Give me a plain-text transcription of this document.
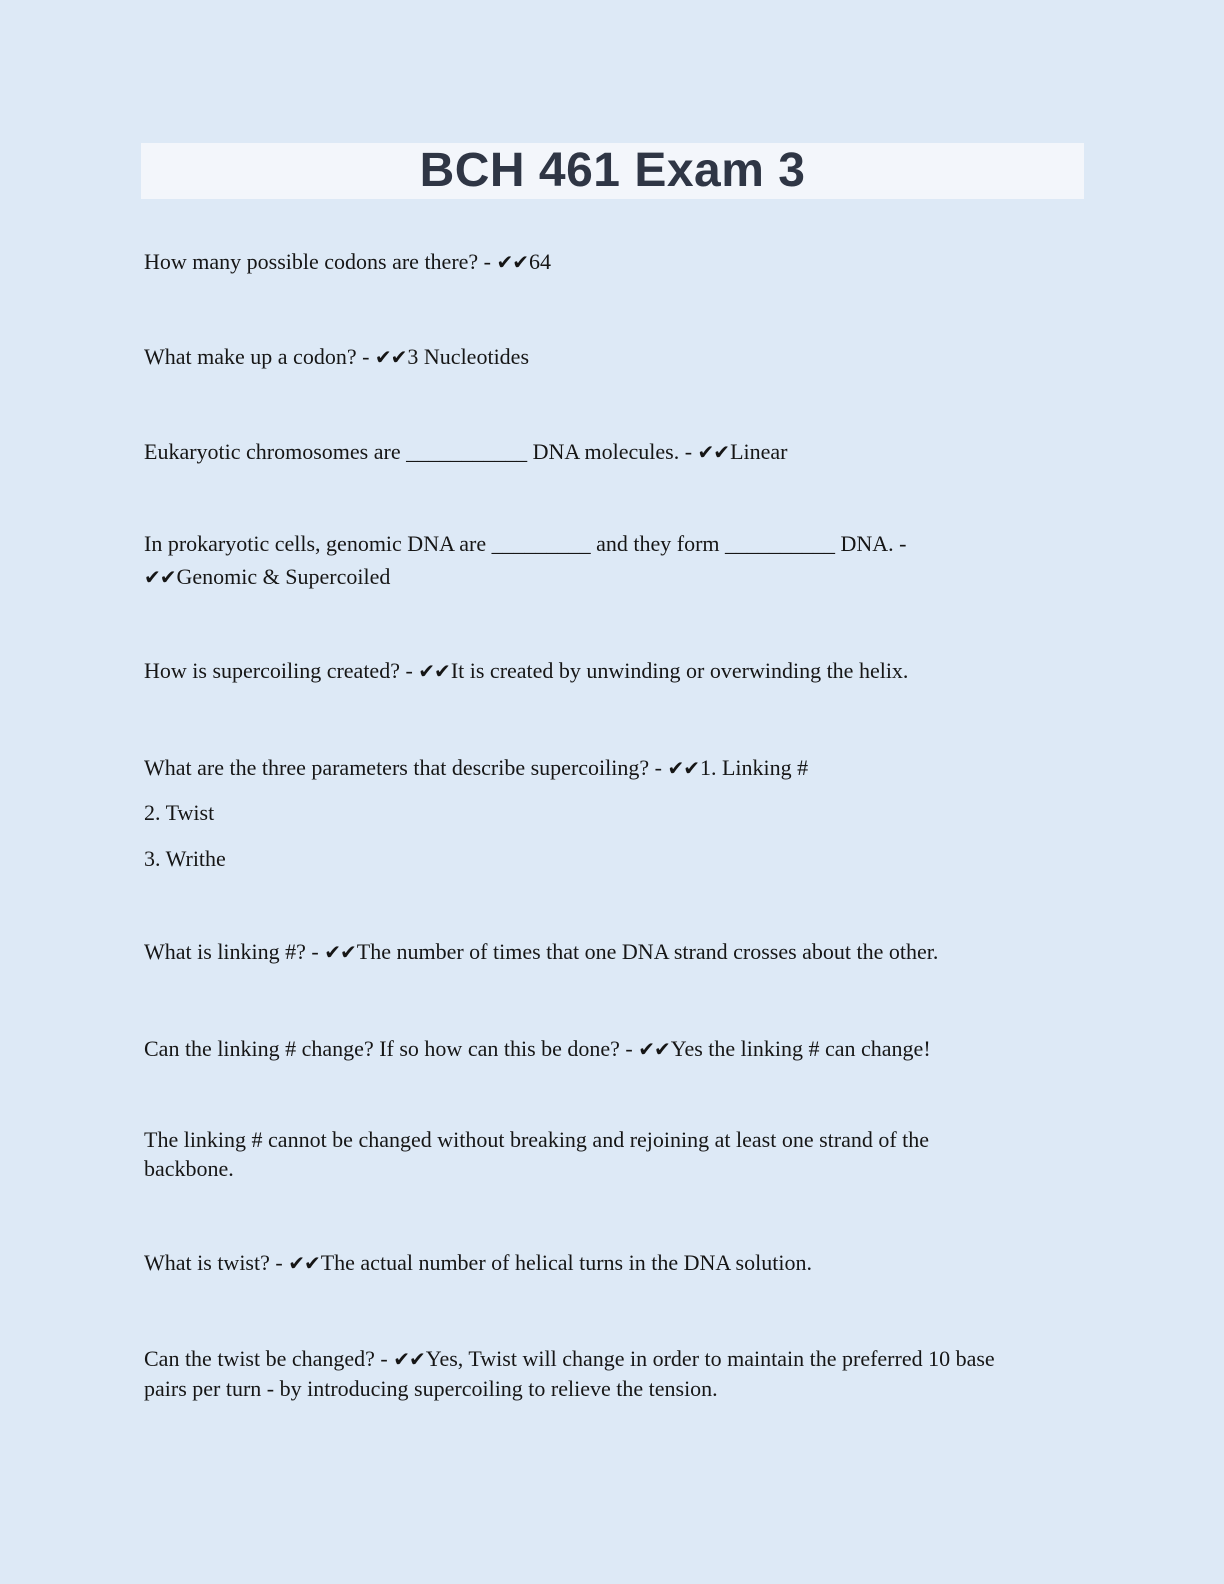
BCH 461 Exam 3
How many possible codons are there? - ✔✔64
What make up a codon? - ✔✔3 Nucleotides
Eukaryotic chromosomes are ___________ DNA molecules. - ✔✔Linear
In prokaryotic cells, genomic DNA are _________ and they form __________ DNA. -
✔✔Genomic & Supercoiled
How is supercoiling created? - ✔✔It is created by unwinding or overwinding the helix.
What are the three parameters that describe supercoiling? - ✔✔1. Linking #
2. Twist
3. Writhe
What is linking #? - ✔✔The number of times that one DNA strand crosses about the other.
Can the linking # change? If so how can this be done? - ✔✔Yes the linking # can change!
The linking # cannot be changed without breaking and rejoining at least one strand of the
backbone.
What is twist? - ✔✔The actual number of helical turns in the DNA solution.
Can the twist be changed? - ✔✔Yes, Twist will change in order to maintain the preferred 10 base
pairs per turn - by introducing supercoiling to relieve the tension.
